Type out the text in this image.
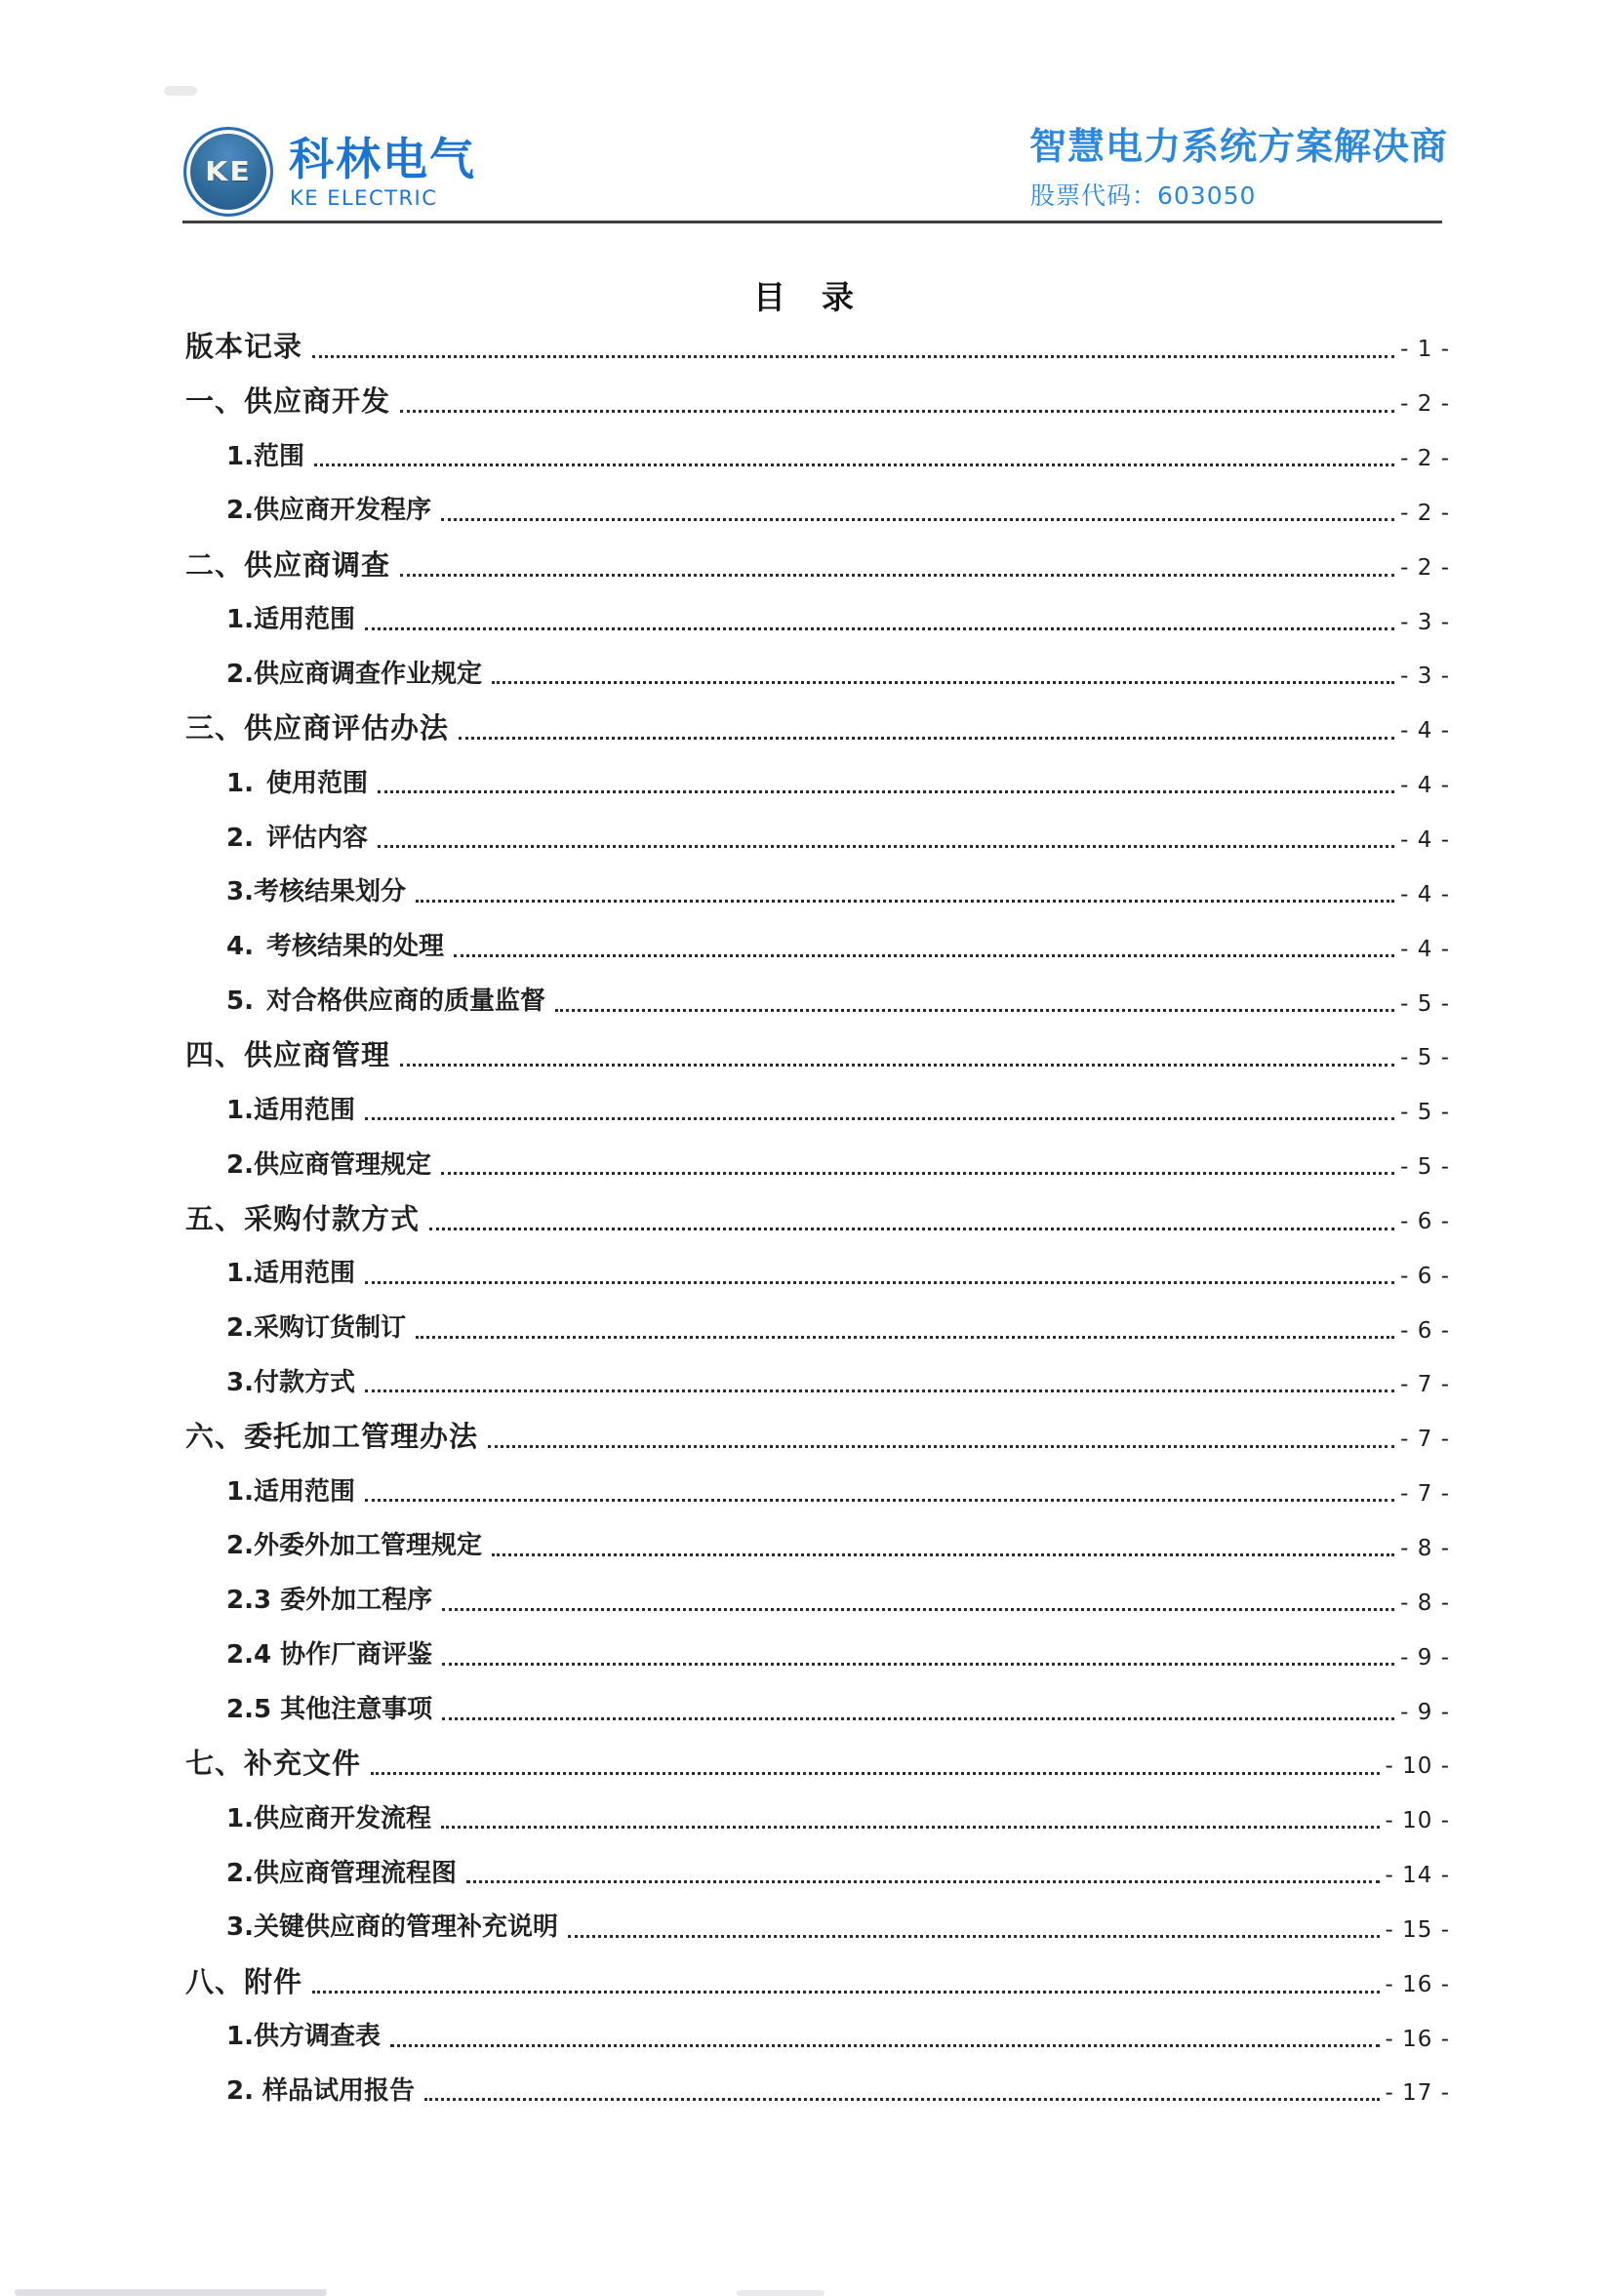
KE 科林电气
KE ELECTRIC
智慧电力系统方案解决商
股票代码：603050
目　录
版本记录	- 1 -
一、供应商开发	- 2 -
1.范围	- 2 -
2.供应商开发程序	- 2 -
二、供应商调查	- 2 -
1.适用范围	- 3 -
2.供应商调查作业规定	- 3 -
三、供应商评估办法	- 4 -
1. 使用范围	- 4 -
2. 评估内容	- 4 -
3.考核结果划分	- 4 -
4. 考核结果的处理	- 4 -
5. 对合格供应商的质量监督	- 5 -
四、供应商管理	- 5 -
1.适用范围	- 5 -
2.供应商管理规定	- 5 -
五、采购付款方式	- 6 -
1.适用范围	- 6 -
2.采购订货制订	- 6 -
3.付款方式	- 7 -
六、委托加工管理办法	- 7 -
1.适用范围	- 7 -
2.外委外加工管理规定	- 8 -
2.3 委外加工程序	- 8 -
2.4 协作厂商评鉴	- 9 -
2.5 其他注意事项	- 9 -
七、补充文件	- 10 -
1.供应商开发流程	- 10 -
2.供应商管理流程图	- 14 -
3.关键供应商的管理补充说明	- 15 -
八、附件	- 16 -
1.供方调查表	- 16 -
2. 样品试用报告	- 17 -
